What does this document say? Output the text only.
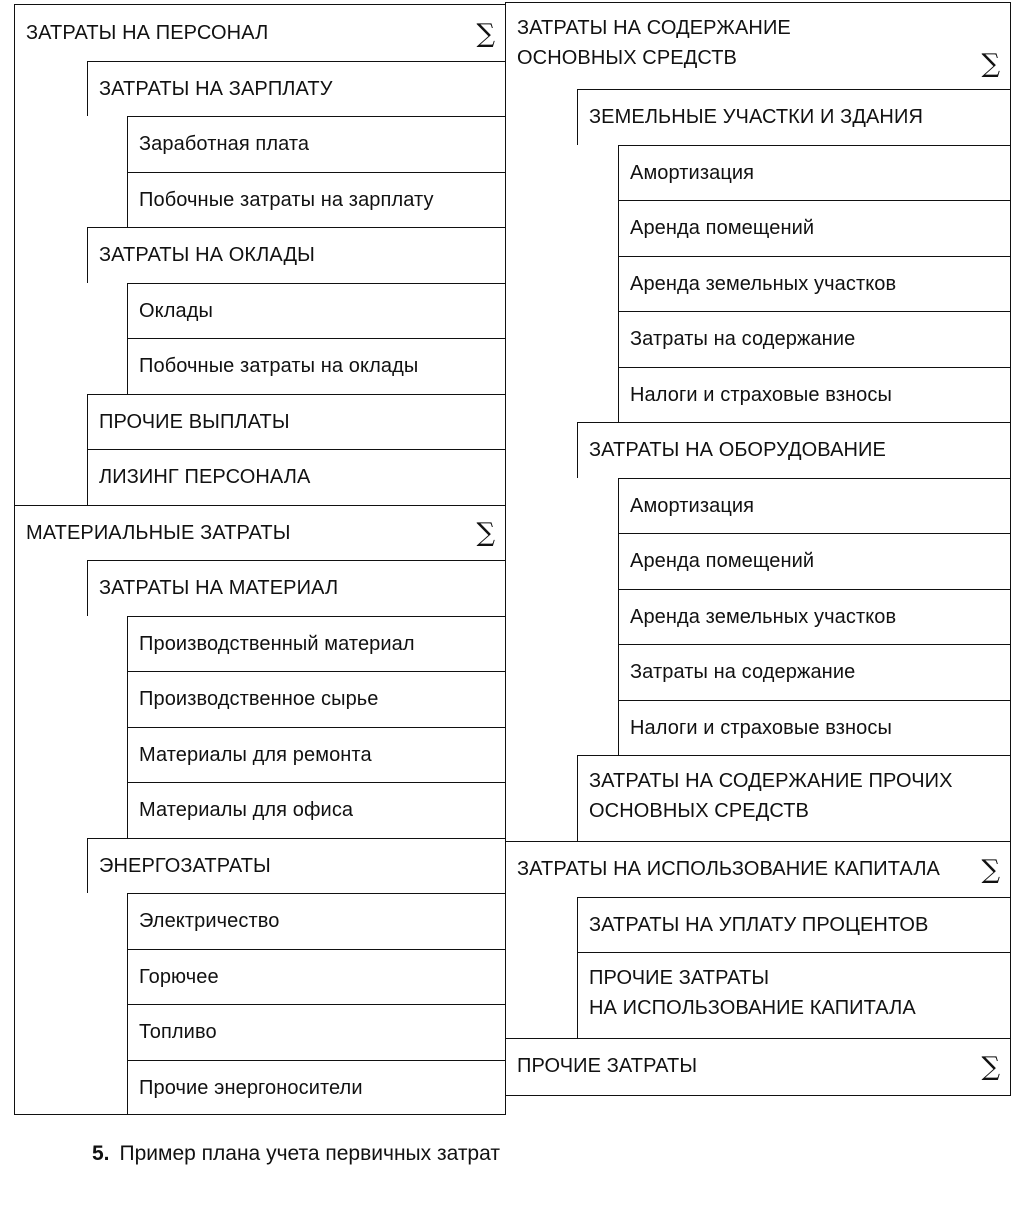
ЗАТРАТЫ НА ПЕРСОНАЛ	∑
ЗАТРАТЫ НА ЗАРПЛАТУ
Заработная плата
Побочные затраты на зарплату
ЗАТРАТЫ НА ОКЛАДЫ
Оклады
Побочные затраты на оклады
ПРОЧИЕ ВЫПЛАТЫ
ЛИЗИНГ ПЕРСОНАЛА
МАТЕРИАЛЬНЫЕ ЗАТРАТЫ	∑
ЗАТРАТЫ НА МАТЕРИАЛ
Производственный материал
Производственное сырье
Материалы для ремонта
Материалы для офиса
ЭНЕРГОЗАТРАТЫ
Электричество
Горючее
Топливо
Прочие энергоносители
ЗАТРАТЫ НА СОДЕРЖАНИЕ
ОСНОВНЫХ СРЕДСТВ	∑
ЗЕМЕЛЬНЫЕ УЧАСТКИ И ЗДАНИЯ
Амортизация
Аренда помещений
Аренда земельных участков
Затраты на содержание
Налоги и страховые взносы
ЗАТРАТЫ НА ОБОРУДОВАНИЕ
Амортизация
Аренда помещений
Аренда земельных участков
Затраты на содержание
Налоги и страховые взносы
ЗАТРАТЫ НА СОДЕРЖАНИЕ ПРОЧИХ
ОСНОВНЫХ СРЕДСТВ
ЗАТРАТЫ НА ИСПОЛЬЗОВАНИЕ КАПИТАЛА ∑
ЗАТРАТЫ НА УПЛАТУ ПРОЦЕНТОВ
ПРОЧИЕ ЗАТРАТЫ
НА ИСПОЛЬЗОВАНИЕ КАПИТАЛА
ПРОЧИЕ ЗАТРАТЫ	∑
5. Пример плана учета первичных затрат
